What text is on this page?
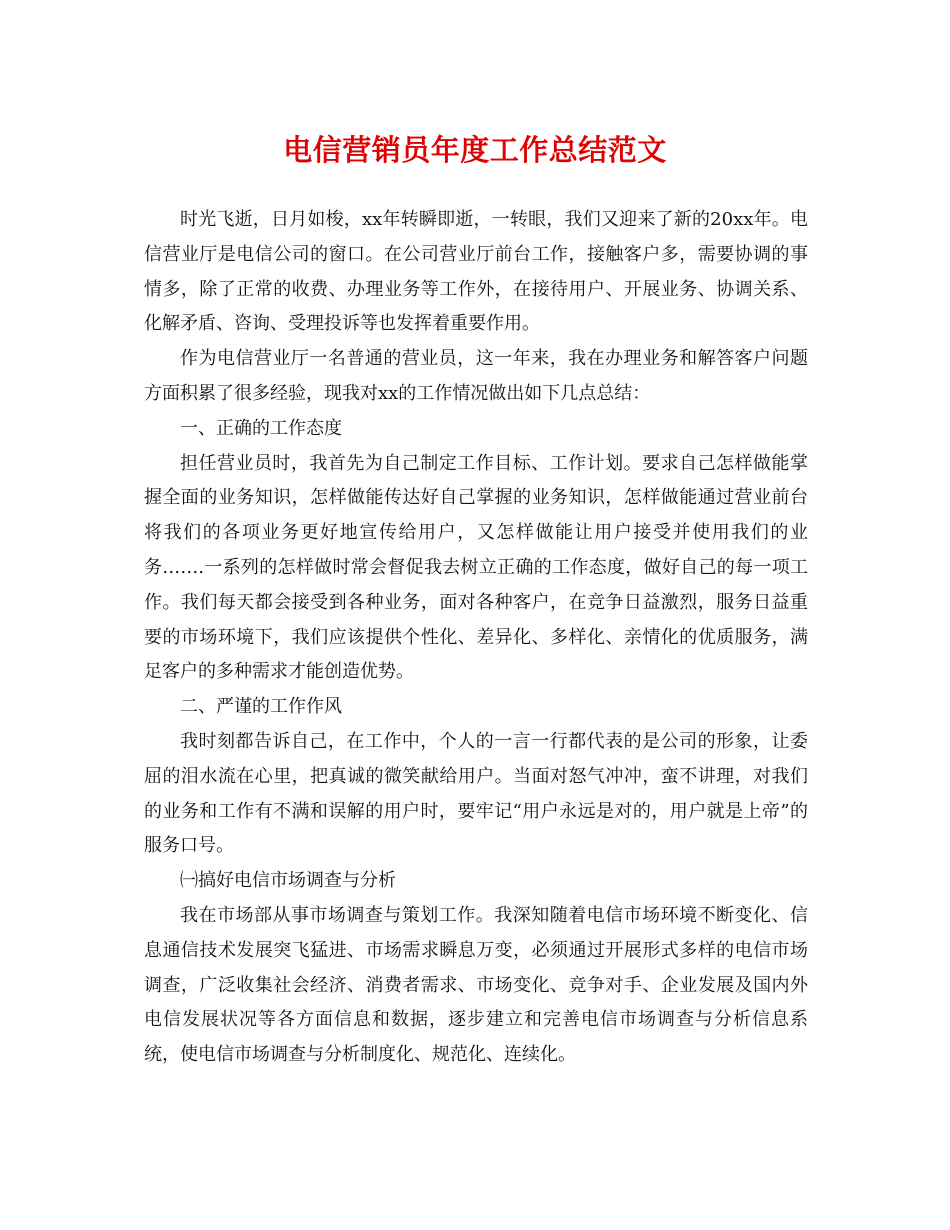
电信营销员年度工作总结范文

时光飞逝，日月如梭，xx年转瞬即逝，一转眼，我们又迎来了新的20xx年。电信营业厅是电信公司的窗口。在公司营业厅前台工作，接触客户多，需要协调的事情多，除了正常的收费、办理业务等工作外，在接待用户、开展业务、协调关系、化解矛盾、咨询、受理投诉等也发挥着重要作用。

作为电信营业厅一名普通的营业员，这一年来，我在办理业务和解答客户问题方面积累了很多经验，现我对xx的工作情况做出如下几点总结：

一、正确的工作态度

担任营业员时，我首先为自己制定工作目标、工作计划。要求自己怎样做能掌握全面的业务知识，怎样做能传达好自己掌握的业务知识，怎样做能通过营业前台将我们的各项业务更好地宣传给用户，又怎样做能让用户接受并使用我们的业务…….一系列的怎样做时常会督促我去树立正确的工作态度，做好自己的每一项工作。我们每天都会接受到各种业务，面对各种客户，在竞争日益激烈，服务日益重要的市场环境下，我们应该提供个性化、差异化、多样化、亲情化的优质服务，满足客户的多种需求才能创造优势。

二、严谨的工作作风

我时刻都告诉自己，在工作中，个人的一言一行都代表的是公司的形象，让委屈的泪水流在心里，把真诚的微笑献给用户。当面对怒气冲冲，蛮不讲理，对我们的业务和工作有不满和误解的用户时，要牢记“用户永远是对的，用户就是上帝”的服务口号。

㈠搞好电信市场调查与分析

我在市场部从事市场调查与策划工作。我深知随着电信市场环境不断变化、信息通信技术发展突飞猛进、市场需求瞬息万变，必须通过开展形式多样的电信市场调查，广泛收集社会经济、消费者需求、市场变化、竞争对手、企业发展及国内外电信发展状况等各方面信息和数据，逐步建立和完善电信市场调查与分析信息系统，使电信市场调查与分析制度化、规范化、连续化。
